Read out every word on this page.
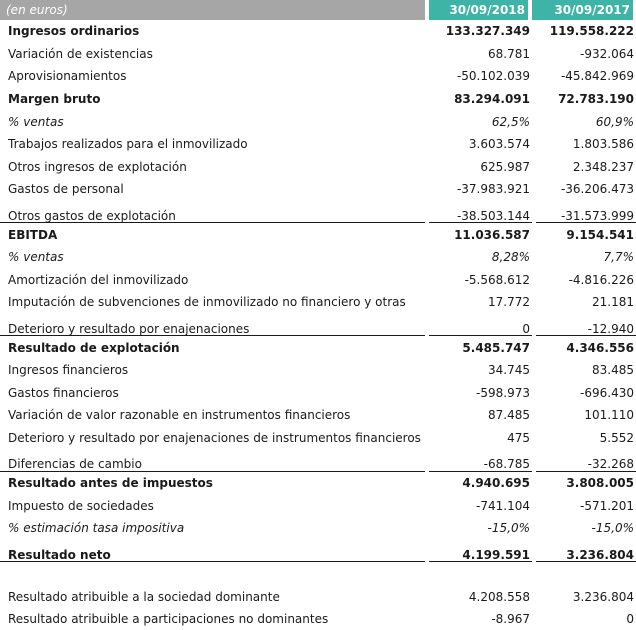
(en euros)	30/09/2018	30/09/2017
Ingresos ordinarios	133.327.349	119.558.222
Variación de existencias	68.781	-932.064
Aprovisionamientos	-50.102.039	-45.842.969
Margen bruto	83.294.091	72.783.190
% ventas	62,5%	60,9%
Trabajos realizados para el inmovilizado	3.603.574	1.803.586
Otros ingresos de explotación	625.987	2.348.237
Gastos de personal	-37.983.921	-36.206.473
Otros gastos de explotación	-38.503.144	-31.573.999
EBITDA	11.036.587	9.154.541
% ventas	8,28%	7,7%
Amortización del inmovilizado	-5.568.612	-4.816.226
Imputación de subvenciones de inmovilizado no financiero y otras	17.772	21.181
Deterioro y resultado por enajenaciones	0	-12.940
Resultado de explotación	5.485.747	4.346.556
Ingresos financieros	34.745	83.485
Gastos financieros	-598.973	-696.430
Variación de valor razonable en instrumentos financieros	87.485	101.110
Deterioro y resultado por enajenaciones de instrumentos financieros	475	5.552
Diferencias de cambio	-68.785	-32.268
Resultado antes de impuestos	4.940.695	3.808.005
Impuesto de sociedades	-741.104	-571.201
% estimación tasa impositiva	-15,0%	-15,0%
Resultado neto	4.199.591	3.236.804
Resultado atribuible a la sociedad dominante	4.208.558	3.236.804
Resultado atribuible a participaciones no dominantes	-8.967	0
